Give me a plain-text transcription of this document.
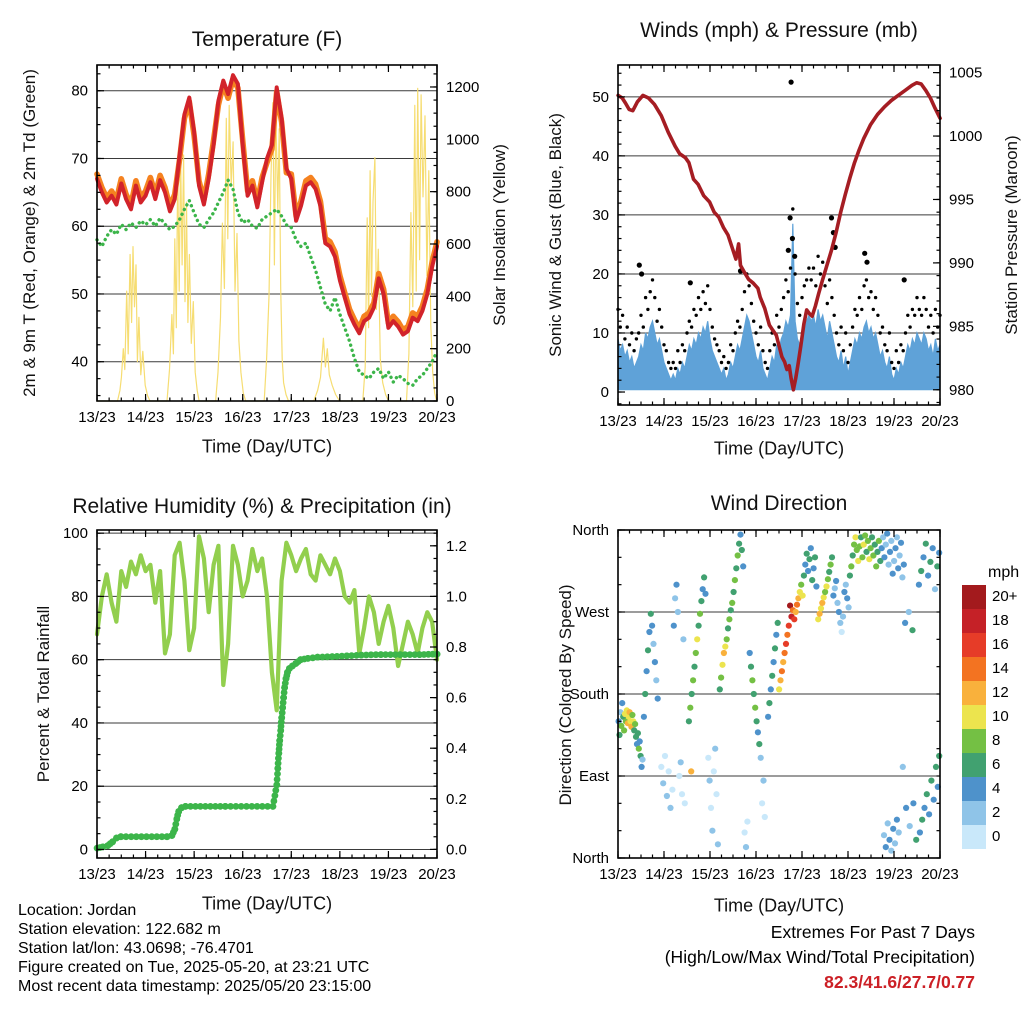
13/23 14/23 15/23 16/23 17/23 18/23 19/23 20/23
40
50
60
70
80
0
200
400
600
800
1000
1200
13/23 14/23 15/23 16/23 17/23 18/23 19/23 20/23
0
10
20
30
40
50
980
985
990
995
1000
1005
13/23 14/23 15/23 16/23 17/23 18/23 19/23 20/23
0
20
40
60
80
100
0.0
0.2
0.4
0.6
0.8
1.0
1.2
13/23 14/23 15/23 16/23 17/23 18/23 19/23 20/23
North
East
South
West
North
Temperature (F)	Winds (mph) & Pressure (mb)
Relative Humidity (%) & Precipitation (in)	Wind Direction
Time (Day/UTC)	Time (Day/UTC)
Time (Day/UTC)	Time (Day/UTC)
2m & 9m T (Red, Orange) & 2m Td (Green)	Solar Insolation (Yellow) Sonic Wind & Gust (Blue, Black)	Station Pressure (Maroon)
Percent & Total Rainfall	Direction (Colored By Speed)
mph
20+
18
16
14
12
10
8
6
4
2
0
Extremes For Past 7 Days
(High/Low/Max Wind/Total Precipitation)
82.3/41.6/27.7/0.77
Location: Jordan
Station elevation: 122.682 m
Station lat/lon: 43.0698; -76.4701
Figure created on Tue, 2025-05-20, at 23:21 UTC
Most recent data timestamp: 2025/05/20 23:15:00
